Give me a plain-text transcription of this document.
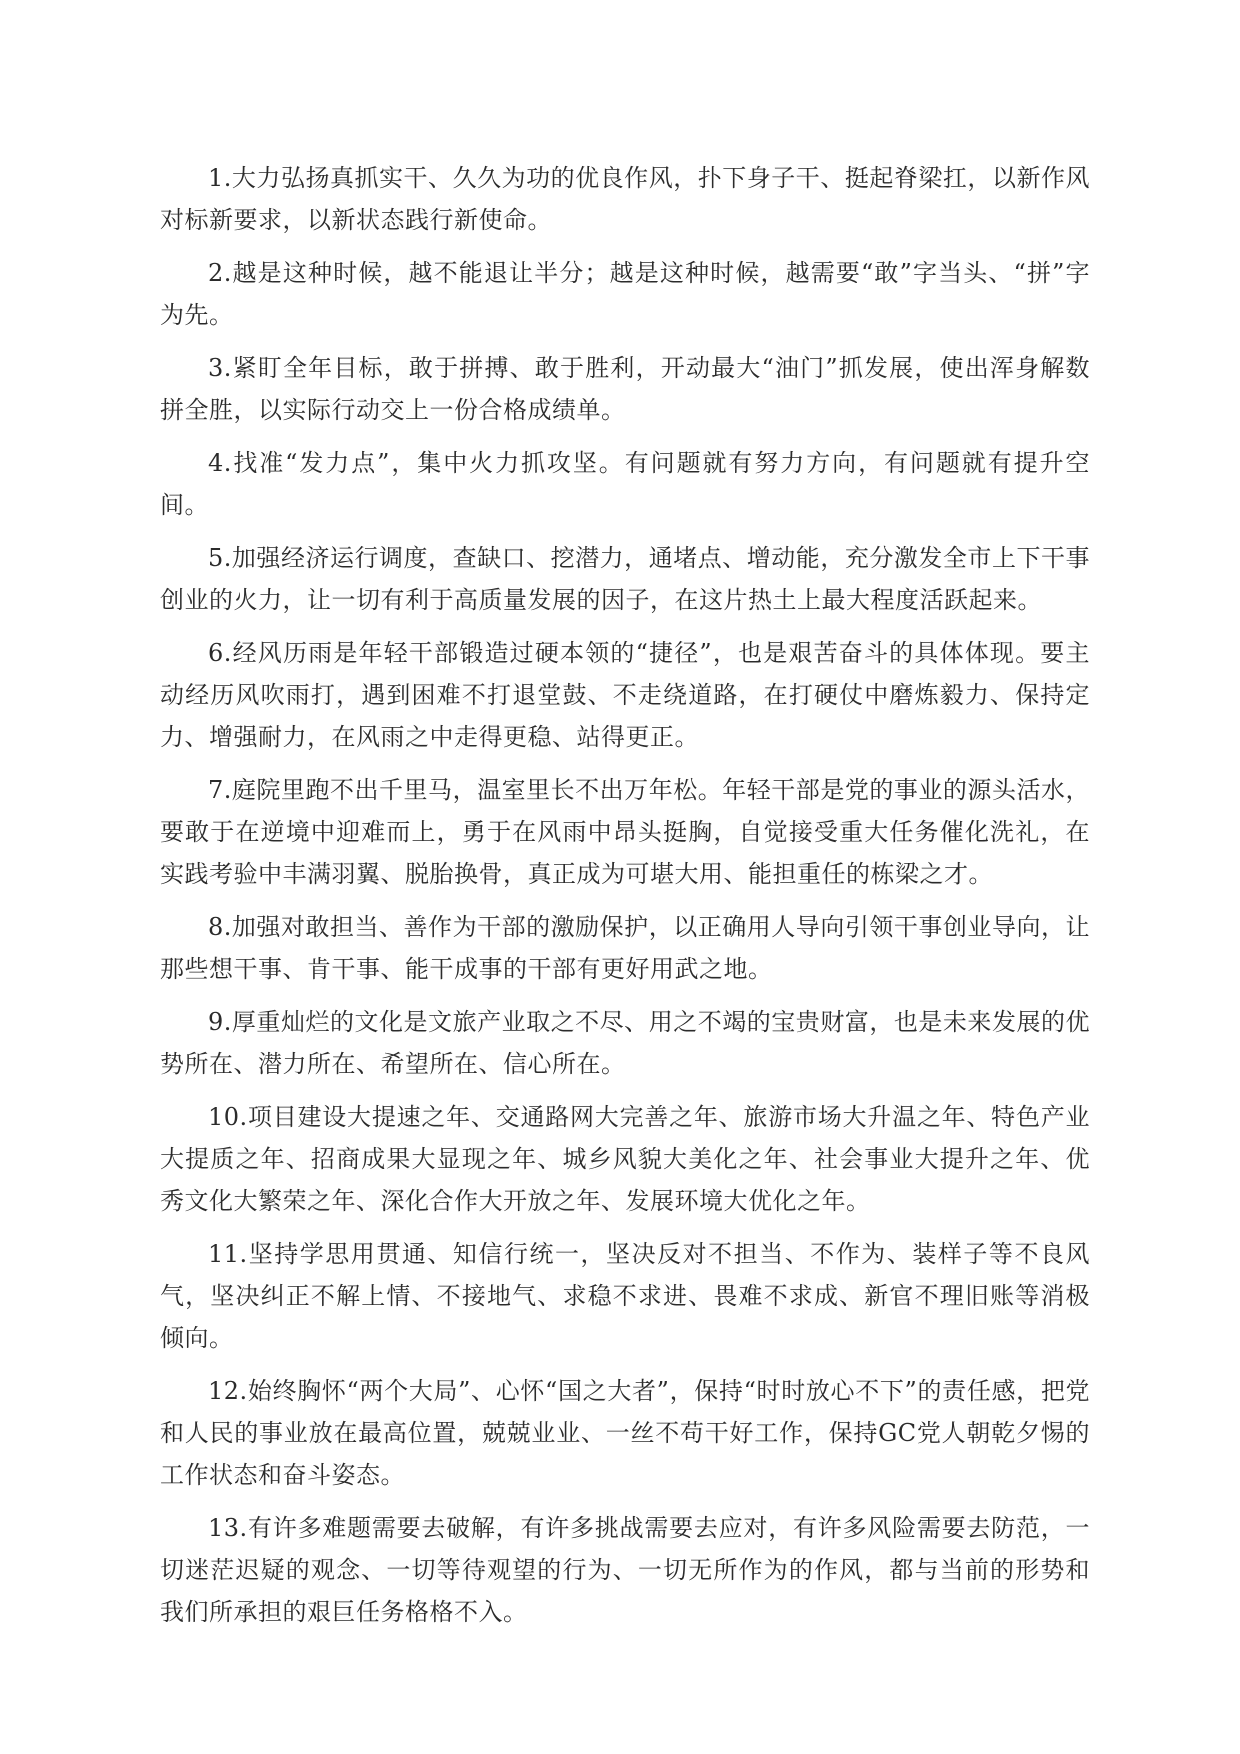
1.大力弘扬真抓实干、久久为功的优良作风，扑下身子干、挺起脊梁扛，以新作风对标新要求，以新状态践行新使命。

2.越是这种时候，越不能退让半分；越是这种时候，越需要“敢”字当头、“拼”字为先。

3.紧盯全年目标，敢于拼搏、敢于胜利，开动最大“油门”抓发展，使出浑身解数拼全胜，以实际行动交上一份合格成绩单。

4.找准“发力点”，集中火力抓攻坚。有问题就有努力方向，有问题就有提升空间。

5.加强经济运行调度，查缺口、挖潜力，通堵点、增动能，充分激发全市上下干事创业的火力，让一切有利于高质量发展的因子，在这片热土上最大程度活跃起来。

6.经风历雨是年轻干部锻造过硬本领的“捷径”，也是艰苦奋斗的具体体现。要主动经历风吹雨打，遇到困难不打退堂鼓、不走绕道路，在打硬仗中磨炼毅力、保持定力、增强耐力，在风雨之中走得更稳、站得更正。

7.庭院里跑不出千里马，温室里长不出万年松。年轻干部是党的事业的源头活水，要敢于在逆境中迎难而上，勇于在风雨中昂头挺胸，自觉接受重大任务催化洗礼，在实践考验中丰满羽翼、脱胎换骨，真正成为可堪大用、能担重任的栋梁之才。

8.加强对敢担当、善作为干部的激励保护，以正确用人导向引领干事创业导向，让那些想干事、肯干事、能干成事的干部有更好用武之地。

9.厚重灿烂的文化是文旅产业取之不尽、用之不竭的宝贵财富，也是未来发展的优势所在、潜力所在、希望所在、信心所在。

10.项目建设大提速之年、交通路网大完善之年、旅游市场大升温之年、特色产业大提质之年、招商成果大显现之年、城乡风貌大美化之年、社会事业大提升之年、优秀文化大繁荣之年、深化合作大开放之年、发展环境大优化之年。

11.坚持学思用贯通、知信行统一，坚决反对不担当、不作为、装样子等不良风气，坚决纠正不解上情、不接地气、求稳不求进、畏难不求成、新官不理旧账等消极倾向。

12.始终胸怀“两个大局”、心怀“国之大者”，保持“时时放心不下”的责任感，把党和人民的事业放在最高位置，兢兢业业、一丝不苟干好工作，保持GC党人朝乾夕惕的工作状态和奋斗姿态。

13.有许多难题需要去破解，有许多挑战需要去应对，有许多风险需要去防范，一切迷茫迟疑的观念、一切等待观望的行为、一切无所作为的作风，都与当前的形势和我们所承担的艰巨任务格格不入。
